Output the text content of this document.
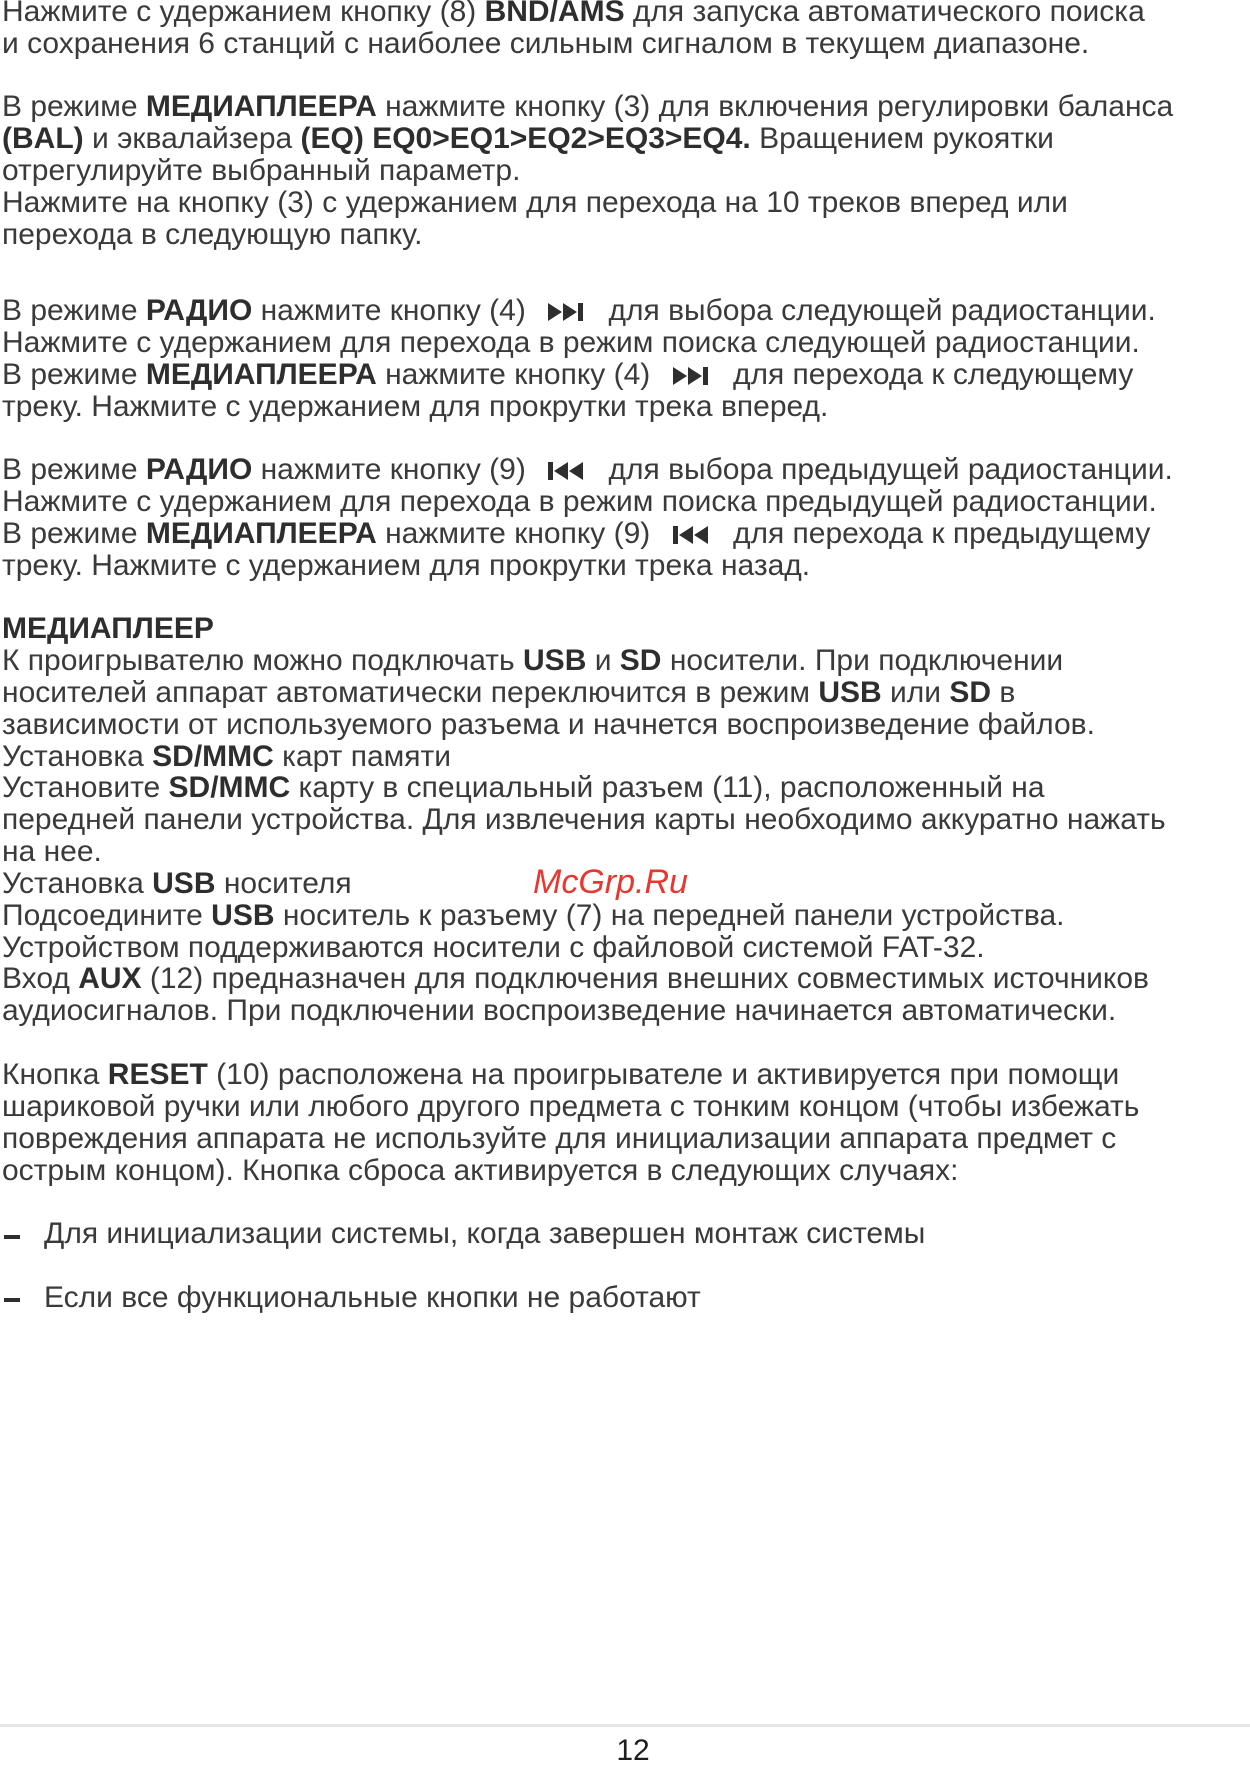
Нажмите с удержанием кнопку (8) BND/AMS для запуска автоматического поиска

и сохранения 6 станций с наиболее сильным сигналом в текущем диапазоне.

В режиме МЕДИАПЛЕЕРА нажмите кнопку (3) для включения регулировки баланса

(BAL) и эквалайзера (EQ) EQ0>EQ1>EQ2>EQ3>EQ4. Вращением рукоятки

отрегулируйте выбранный параметр.

Нажмите на кнопку (3) с удержанием для перехода на 10 треков вперед или

перехода в следующую папку.

В режиме РАДИО нажмите кнопку (4)
для выбора следующей радиостанции.

Нажмите с удержанием для перехода в режим поиска следующей радиостанции.

В режиме МЕДИАПЛЕЕРА нажмите кнопку (4)
для перехода к следующему

треку. Нажмите с удержанием для прокрутки трека вперед.

В режиме РАДИО нажмите кнопку (9)
для выбора предыдущей радиостанции.

Нажмите с удержанием для перехода в режим поиска предыдущей радиостанции.

В режиме МЕДИАПЛЕЕРА нажмите кнопку (9)
для перехода к предыдущему

треку. Нажмите с удержанием для прокрутки трека назад.

МЕДИАПЛЕЕР

К проигрывателю можно подключать USB и SD носители. При подключении

носителей аппарат автоматически переключится в режим USB или SD в

зависимости от используемого разъема и начнется воспроизведение файлов.

Установка SD/MMC карт памяти

Установите SD/MMC карту в специальный разъем (11), расположенный на

передней панели устройства. Для извлечения карты необходимо аккуратно нажать

на нее.

Установка USB носителя

Подсоедините USB носитель к разъему (7) на передней панели устройства.

Устройством поддерживаются носители с файловой системой FAT-32.

Вход AUX (12) предназначен для подключения внешних совместимых источников

аудиосигналов. При подключении воспроизведение начинается автоматически.

Кнопка RESET (10) расположена на проигрывателе и активируется при помощи

шариковой ручки или любого другого предмета с тонким концом (чтобы избежать

повреждения аппарата не используйте для инициализации аппарата предмет с

острым концом). Кнопка сброса активируется в следующих случаях:

Для инициализации системы, когда завершен монтаж системы

Если все функциональные кнопки не работают

McGrp.Ru

12
